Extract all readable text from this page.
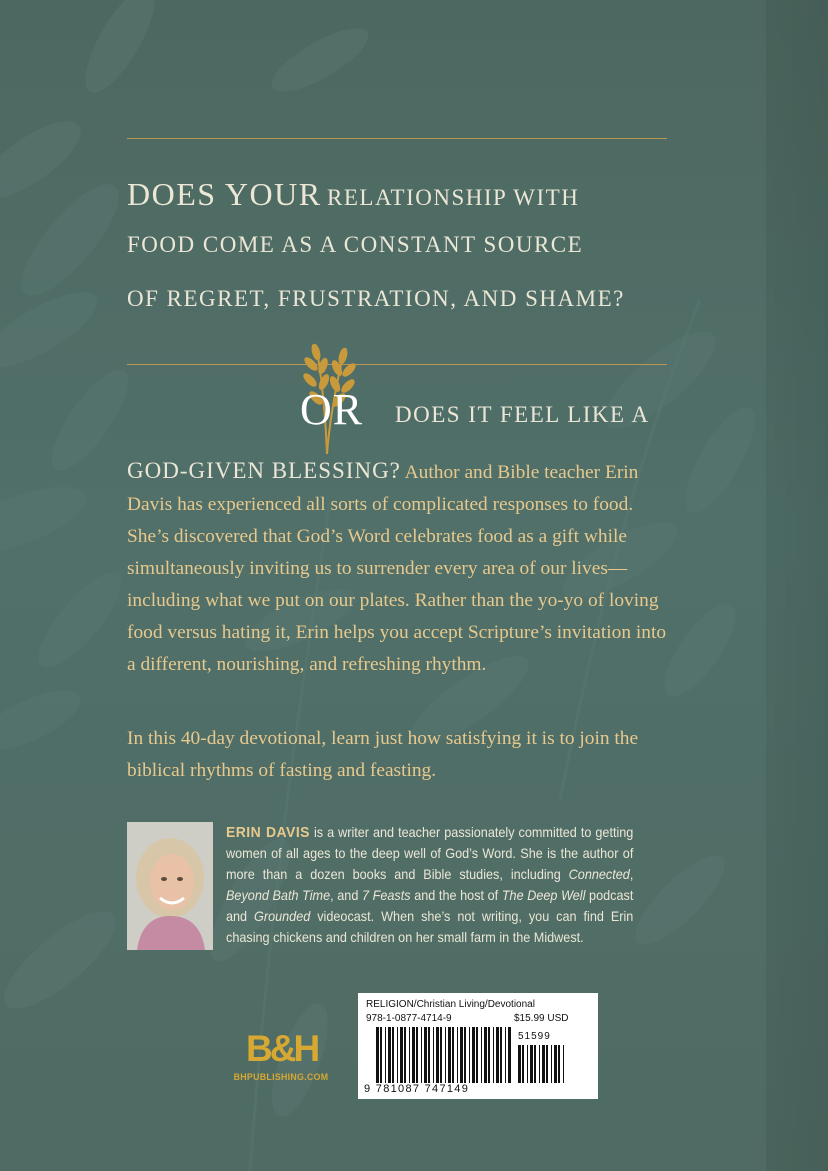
DOES YOUR RELATIONSHIP WITH
FOOD COME AS A CONSTANT SOURCE
OF REGRET, FRUSTRATION, AND SHAME?
OR DOES IT FEEL LIKE A
GOD-GIVEN BLESSING? Author and Bible teacher Erin Davis has experienced all sorts of complicated responses to food. She’s discovered that God’s Word celebrates food as a gift while simultaneously inviting us to surrender every area of our lives—including what we put on our plates. Rather than the yo-yo of loving food versus hating it, Erin helps you accept Scripture’s invitation into a different, nourishing, and refreshing rhythm.
In this 40-day devotional, learn just how satisfying it is to join the biblical rhythms of fasting and feasting.
ERIN DAVIS is a writer and teacher passionately committed to getting women of all ages to the deep well of God’s Word. She is the author of more than a dozen books and Bible studies, including Connected, Beyond Bath Time, and 7 Feasts and the host of The Deep Well podcast and Grounded videocast. When she’s not writing, you can find Erin chasing chickens and children on her small farm in the Midwest.
B&H
BHPUBLISHING.COM
RELIGION/Christian Living/Devotional
978-1-0877-4714-9	$15.99 USD
51599
9 781087 747149
